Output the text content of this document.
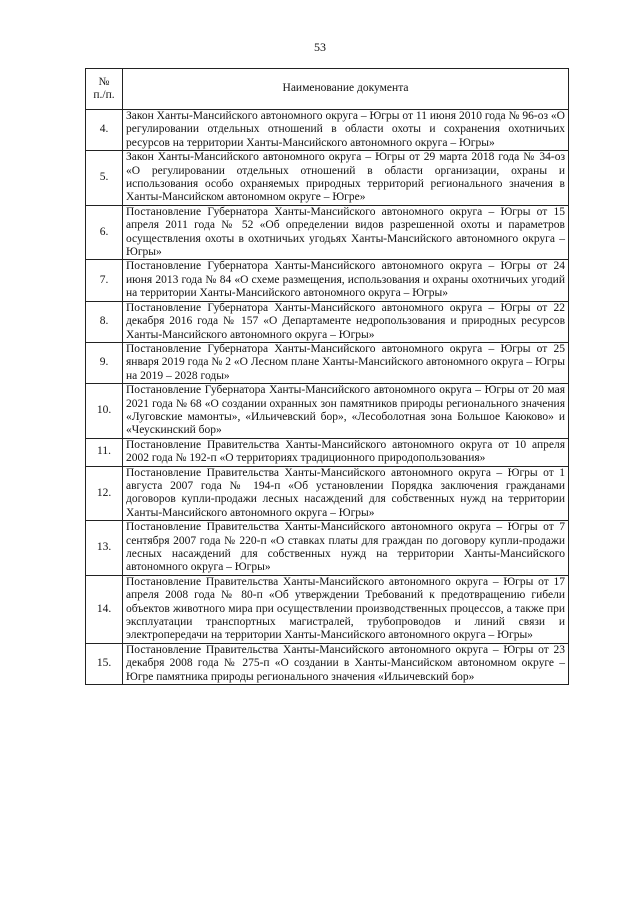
53
№
п./п.	Наименование документа
4.	Закон Ханты-Мансийского автономного округа – Югры от 11 июня 2010 года № 96-оз «О регулировании отдельных отношений в области охоты и сохранения охотничьих ресурсов на территории Ханты-Мансийского автономного округа – Югры»
5.	Закон Ханты-Мансийского автономного округа – Югры от 29 марта 2018 года № 34-оз «О регулировании отдельных отношений в области организации, охраны и использования особо охраняемых природных территорий регионального значения в Ханты-Мансийском автономном округе – Югре»
6.	Постановление Губернатора Ханты-Мансийского автономного округа – Югры от 15 апреля 2011 года № 52 «Об определении видов разрешенной охоты и параметров осуществления охоты в охотничьих угодьях Ханты-Мансийского автономного округа – Югры»
7.	Постановление Губернатора Ханты-Мансийского автономного округа – Югры от 24 июня 2013 года № 84 «О схеме размещения, использования и охраны охотничьих угодий на территории Ханты-Мансийского автономного округа – Югры»
8.	Постановление Губернатора Ханты-Мансийского автономного округа – Югры от 22 декабря 2016 года № 157 «О Департаменте недропользования и природных ресурсов Ханты-Мансийского автономного округа – Югры»
9.	Постановление Губернатора Ханты-Мансийского автономного округа – Югры от 25 января 2019 года № 2 «О Лесном плане Ханты-Мансийского автономного округа – Югры на 2019 – 2028 годы»
10.	Постановление Губернатора Ханты-Мансийского автономного округа – Югры от 20 мая 2021 года № 68 «О создании охранных зон памятников природы регионального значения «Луговские мамонты», «Ильичевский бор», «Лесоболотная зона Большое Каюково» и «Чеускинский бор»
11.	Постановление Правительства Ханты-Мансийского автономного округа от 10 апреля 2002 года № 192-п «О территориях традиционного природопользования»
12.	Постановление Правительства Ханты-Мансийского автономного округа – Югры от 1 августа 2007 года № 194-п «Об установлении Порядка заключения гражданами договоров купли-продажи лесных насаждений для собственных нужд на территории Ханты-Мансийского автономного округа – Югры»
13.	Постановление Правительства Ханты-Мансийского автономного округа – Югры от 7 сентября 2007 года № 220-п «О ставках платы для граждан по договору купли-продажи лесных насаждений для собственных нужд на территории Ханты-Мансийского автономного округа – Югры»
14.	Постановление Правительства Ханты-Мансийского автономного округа – Югры от 17 апреля 2008 года № 80-п «Об утверждении Требований к предотвращению гибели объектов животного мира при осуществлении производственных процессов, а также при эксплуатации транспортных магистралей, трубопроводов и линий связи и электропередачи на территории Ханты-Мансийского автономного округа – Югры»
15.	Постановление Правительства Ханты-Мансийского автономного округа – Югры от 23 декабря 2008 года № 275-п «О создании в Ханты-Мансийском автономном округе – Югре памятника природы регионального значения «Ильичевский бор»
